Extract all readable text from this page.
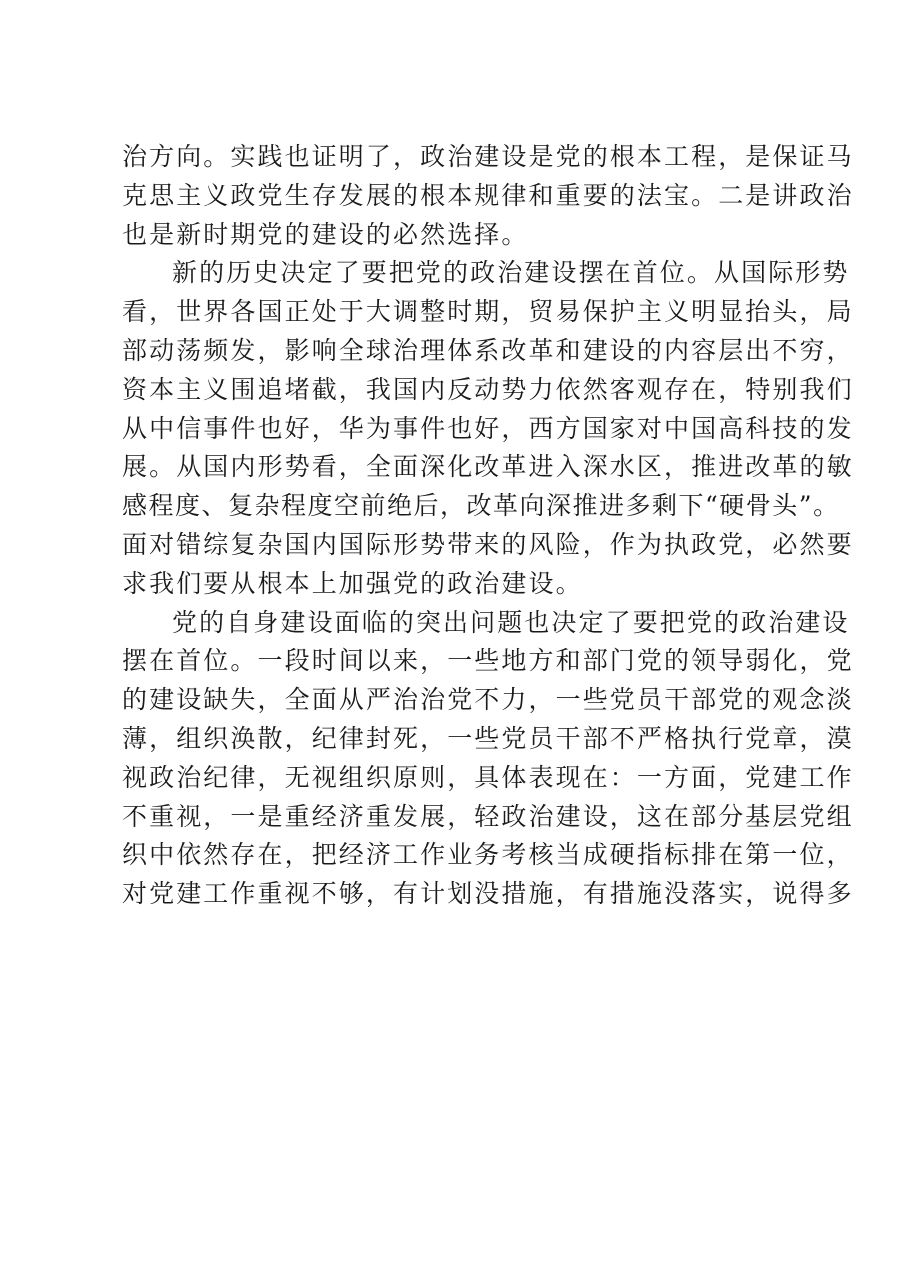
治方向。实践也证明了，政治建设是党的根本工程，是保证马
克思主义政党生存发展的根本规律和重要的法宝。二是讲政治
也是新时期党的建设的必然选择。
新的历史决定了要把党的政治建设摆在首位。从国际形势
看，世界各国正处于大调整时期，贸易保护主义明显抬头，局
部动荡频发，影响全球治理体系改革和建设的内容层出不穷，
资本主义围追堵截，我国内反动势力依然客观存在，特别我们
从中信事件也好，华为事件也好，西方国家对中国高科技的发
展。从国内形势看，全面深化改革进入深水区，推进改革的敏
感程度、复杂程度空前绝后，改革向深推进多剩下“硬骨头”。
面对错综复杂国内国际形势带来的风险，作为执政党，必然要
求我们要从根本上加强党的政治建设。
党的自身建设面临的突出问题也决定了要把党的政治建设
摆在首位。一段时间以来，一些地方和部门党的领导弱化，党
的建设缺失，全面从严治治党不力，一些党员干部党的观念淡
薄，组织涣散，纪律封死，一些党员干部不严格执行党章，漠
视政治纪律，无视组织原则，具体表现在：一方面，党建工作
不重视，一是重经济重发展，轻政治建设，这在部分基层党组
织中依然存在，把经济工作业务考核当成硬指标排在第一位，
对党建工作重视不够，有计划没措施，有措施没落实，说得多
